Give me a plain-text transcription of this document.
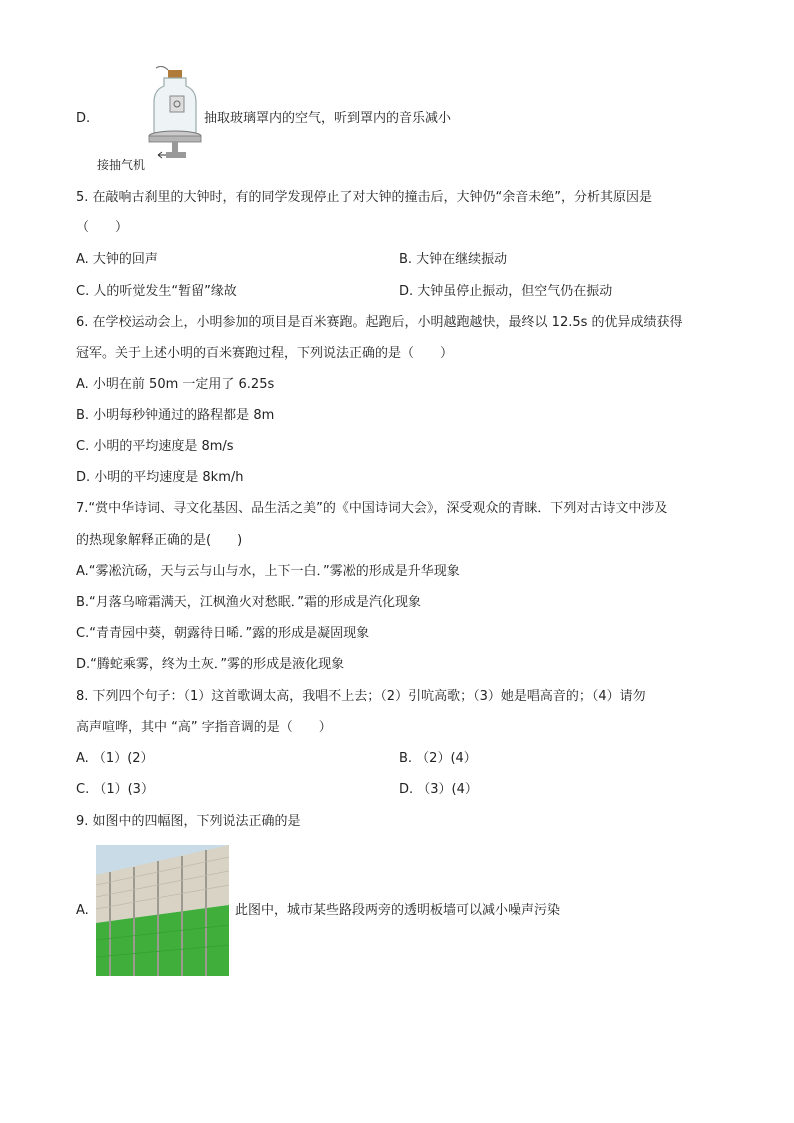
D.
接抽气机
抽取玻璃罩内的空气，听到罩内的音乐减小
5. 在敲响古刹里的大钟时，有的同学发现停止了对大钟的撞击后，大钟仍“余音未绝”，分析其原因是
（　　）
A. 大钟的回声	B. 大钟在继续振动
C. 人的听觉发生“暂留”缘故	D. 大钟虽停止振动，但空气仍在振动
6. 在学校运动会上，小明参加的项目是百米赛跑。起跑后，小明越跑越快，最终以 12.5s 的优异成绩获得
冠军。关于上述小明的百米赛跑过程，下列说法正确的是（　　）
A. 小明在前 50m 一定用了 6.25s
B. 小明每秒钟通过的路程都是 8m
C. 小明的平均速度是 8m/s
D. 小明的平均速度是 8km/h
7.“赏中华诗词、寻文化基因、品生活之美”的《中国诗词大会》，深受观众的青睐．下列对古诗文中涉及
的热现象解释正确的是(　　)
A.“雾凇沆砀，天与云与山与水，上下一白．”雾凇的形成是升华现象
B.“月落乌啼霜满天，江枫渔火对愁眠．”霜的形成是汽化现象
C.“青青园中葵，朝露待日晞．”露的形成是凝固现象
D.“腾蛇乘雾，终为土灰．”雾的形成是液化现象
8. 下列四个句子：（1）这首歌调太高，我唱不上去；（2）引吭高歌；（3）她是唱高音的；（4）请勿
高声喧哗，其中 “高” 字指音调的是（　　）
A. （1）(2）	B. （2）(4）
C. （1）(3）	D. （3）(4）
9. 如图中的四幅图，下列说法正确的是
A.	此图中，城市某些路段两旁的透明板墙可以减小噪声污染
